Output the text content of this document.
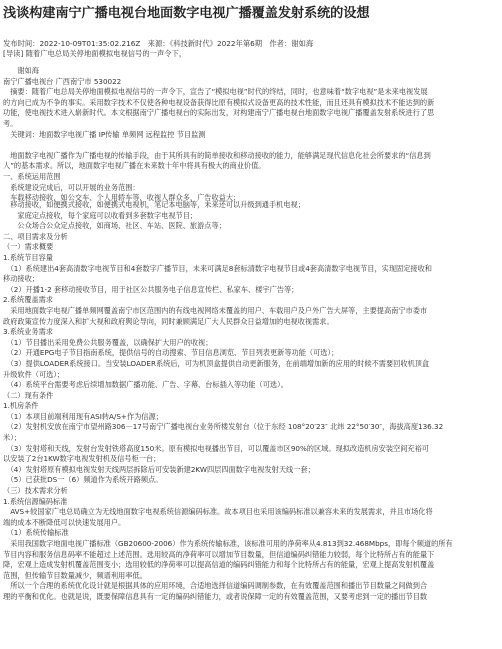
浅谈构建南宁广播电视台地面数字电视广播覆盖发射系统的设想
发布时间：2022-10-09T01:35:02.216Z　来源：《科技新时代》2022年第6期　作者：谢如海
[导读] 随着广电总局关停地面模拟电视信号的一声令下，
　　谢如海
南宁广播电视台 广西南宁市 530022
　摘要：随着广电总局关停地面模拟电视信号的一声令下，宣告了“模拟电视”时代的终结，同时，也意味着“数字电视”是未来电视发展
的方向已成为不争的事实。采用数字技术不仅使各种电视设备获得比原有模拟式设备更高的技术性能，而且还具有模拟技术不能达到的新
功能，使电视技术进入崭新时代。本文根据南宁广播电视台的实际出发，对构建南宁广播电视台地面数字电视广播覆盖发射系统进行了思
考。
　关键词：地面数字电视广播 IP传输 单频网 远程监控 节目监测
　地面数字电视广播作为广播电视的传输手段，由于其所具有的简单接收和移动接收的能力，能够满足现代信息化社会所要求的“信息到
人”的基本需求。所以，地面数字电视广播在未来数十年中将具有极大的商业价值。
一、系统运用范围
　系统建设完成后，可以开展的业务范围：
　车载移动接收，如公交车、个人用轿车等，收视人群众多，广告收益大；
　移动接收，如便携式接收，如便携式电视机，笔记本电脑等，未来还可以升级到通手机电视；
　　家庭定点接收，每个家庭可以收看到多套数字电视节目；
　　公众场合公众定点接收，如商场、社区、车站、医院、旅游点等；
二、项目需求及分析
（一）需求概要
1.系统节目容量
　（1）系统建出4套高清数字电视节目和4套数字广播节目，未来可满足8套标清数字电视节目或4套高清数字电视节目，实现固定接收和
移动接收；
　（2）开播1-2 套移动接收节目，用于社区公共服务电子信息宣传栏、私家车、楼宇广告等；
2.系统覆盖需求
　采用地面数字电视广播单频网覆盖南宁市区范围内的有线电视网络未覆盖的用户、车载用户及户外广告大屏等，主要提高南宁市委市
政府政策宣传力度深入和扩大视和政府舆论导向，同时兼顾满足广大人民群众日益增加的电视收视需求。
3.系统业务需求
　（1）节目播出采用免费公共服务覆盖，以确保扩大用户的收视；
　（2）开通EPG电子节目指南系统，提供信号的自动搜索、节目信息浏览、节目列表更新等功能（可选）；
　（3）提供LOADER系统接口。当安装LOADER系统后，可为机顶盒提供自动更新服务，在前端增加新的应用的时候不需要回收机顶盒
升级软件（可选）；
　（4）系统平台需要考虑后续增加数据广播功能、广告、字幕、台标插入等功能（可选）。
（二）现有条件
1.机房条件
　（1）本项目前端利用现有ASI转A/S+作为信源；
　（2）发射机安放在南宁市望州路306－17号南宁广播电视台业务所楼发射台（位于东经 108°20′23″ 北纬 22°50′30″，海拔高度136.32
米）；
　（3）发射塔和天线，发射台发射铁塔高度150米。原有模拟电视播出节目，可以覆盖市区90%的区域。现拟改造机房安装空间充裕可
以安装了2台1KW数字电视发射机及信号柜一台；
　（4）发射塔原有模拟电视发射天线两层拆除后可安装新建2KW四层四面数字电视发射天线一套；
　（5）已获批DS一（6）频道作为系统开路频点。
（三）技术需求分析
1.系统信源编码标准
　AVS+较国家广电总局确立为无线地面数字电视系统信源编码标准。故本项目也采用该编码标准以兼容未来的发展需求，并且市场化将
端的成本不断降低可以快速发展用户。
　（1）系统传输标准
　采用我国数字地面电视广播标准（GB20600-2006）作为系统传输标准，该标准可用的净荷率从4.813到32.468Mbps，即每个频道的所有
节目内容和服务信息码率不能超过上述范围。选用较高的净荷率可以增加节目数量，但信道编码纠错能力较弱，每个比特所占有的能量下
降，宏观上造成发射机覆盖范围变小；选用较低的净荷率可以提高信道的编码纠错能力和每个比特所占有的能量，宏观上提高发射机覆盖
范围，但传输节目数量减少，频谱利用率低。
　所以一个合理的系统优化设计就是根据具体的应用环境，合适地选择信道编码调制参数，在有效覆盖范围和播出节目数量之间做到合
理的平衡和优化。也就是说，既要保障信息具有一定的编码纠错能力，或者说保障一定的有效覆盖范围，又要考虑到一定的播出节目数
